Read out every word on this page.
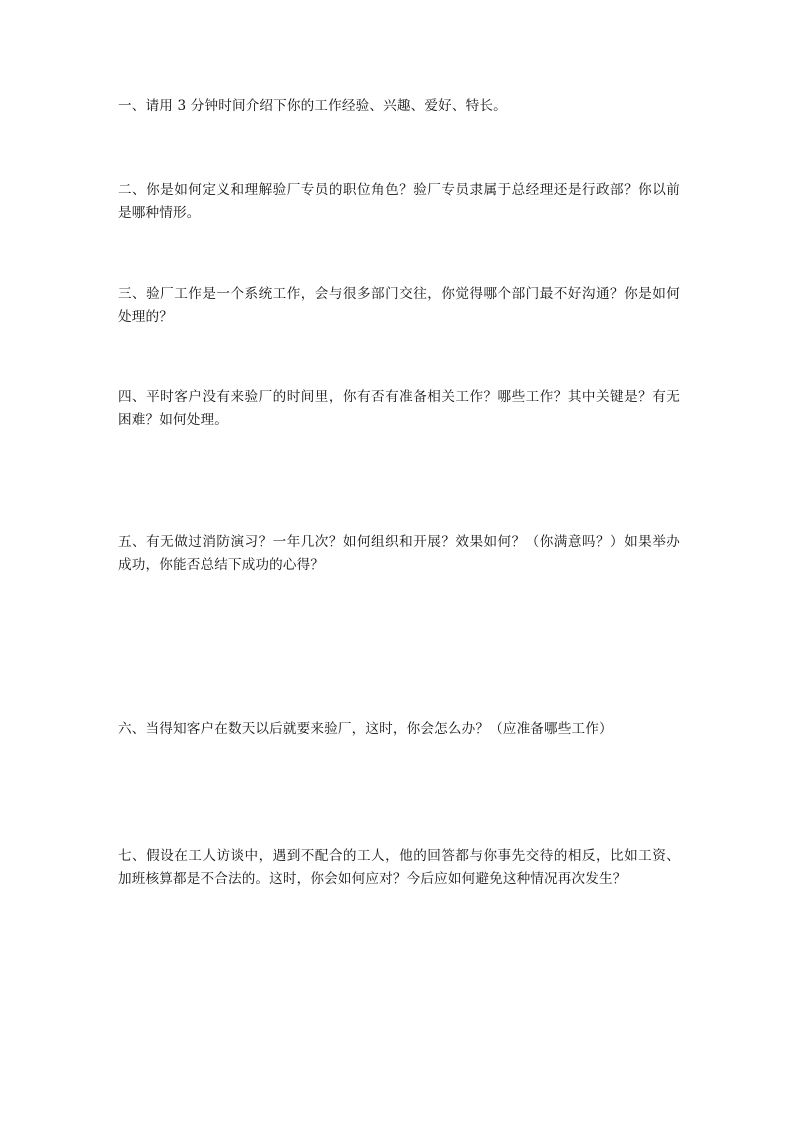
一、请用 3 分钟时间介绍下你的工作经验、兴趣、爱好、特长。

二、你是如何定义和理解验厂专员的职位角色？验厂专员隶属于总经理还是行政部？你以前是哪种情形。

三、验厂工作是一个系统工作，会与很多部门交往，你觉得哪个部门最不好沟通？你是如何处理的？

四、平时客户没有来验厂的时间里，你有否有准备相关工作？哪些工作？其中关键是？有无困难？如何处理。

五、有无做过消防演习？一年几次？如何组织和开展？效果如何？（你满意吗？）如果举办成功，你能否总结下成功的心得？

六、当得知客户在数天以后就要来验厂，这时，你会怎么办？（应准备哪些工作）

七、假设在工人访谈中，遇到不配合的工人，他的回答都与你事先交待的相反，比如工资、加班核算都是不合法的。这时，你会如何应对？今后应如何避免这种情况再次发生？
